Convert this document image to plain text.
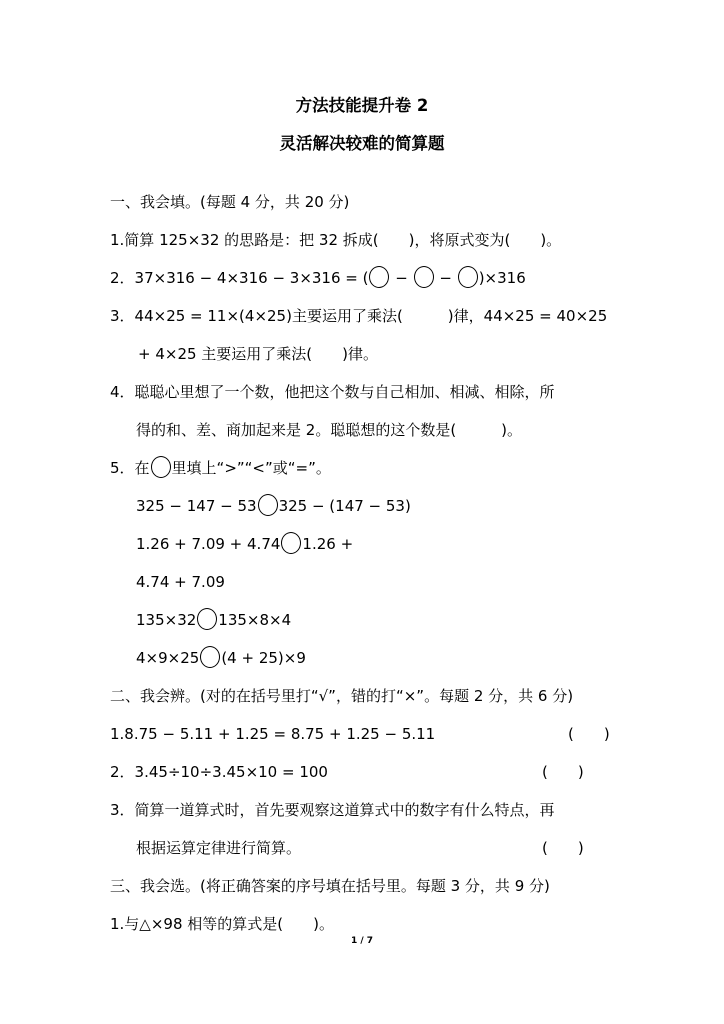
方法技能提升卷 2
灵活解决较难的简算题
一、我会填。(每题 4 分，共 20 分)
1.简算 125×32 的思路是：把 32 拆成(　　)，将原式变为(　　)。
2．37×316 − 4×316 − 3×316 = ( −  − )×316
3．44×25 = 11×(4×25)主要运用了乘法(　　　)律，44×25 = 40×25
+ 4×25 主要运用了乘法(　　)律。
4．聪聪心里想了一个数，他把这个数与自己相加、相减、相除，所
得的和、差、商加起来是 2。聪聪想的这个数是(　　　)。
5．在 里填上“>”“<”或“=”。
325 − 147 − 53 325 − (147 − 53)
1.26 + 7.09 + 4.74 1.26 +
4.74 + 7.09
135×32 135×8×4
4×9×25 (4 + 25)×9
二、我会辨。(对的在括号里打“√”，错的打“×”。每题 2 分，共 6 分)
1.8.75 − 5.11 + 1.25 = 8.75 + 1.25 − 5.11	(　　)
2．3.45÷10÷3.45×10 = 100	(　　)
3．简算一道算式时，首先要观察这道算式中的数字有什么特点，再
根据运算定律进行简算。	(　　)
三、我会选。(将正确答案的序号填在括号里。每题 3 分，共 9 分)
1.与△×98 相等的算式是(　　)。
1 / 7
